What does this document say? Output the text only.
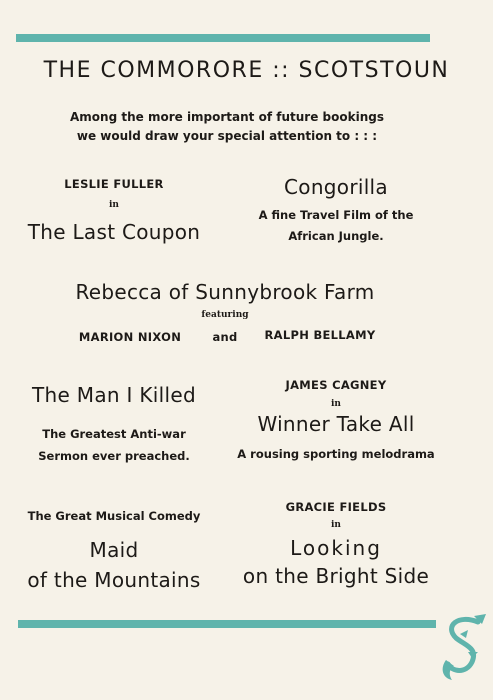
THE COMMORORE :: SCOTSTOUN
Among the more important of future bookings
we would draw your special attention to : : :
LESLIE FULLER
in
The Last Coupon
Congorilla
A fine Travel Film of the
African Jungle.
Rebecca of Sunnybrook Farm
featuring
MARION NIXON	and	RALPH BELLAMY
The Man I Killed
The Greatest Anti-war
Sermon ever preached.
JAMES CAGNEY
in
Winner Take All
A rousing sporting melodrama
The Great Musical Comedy
Maid
of the Mountains
GRACIE FIELDS
in
Looking
on the Bright Side
